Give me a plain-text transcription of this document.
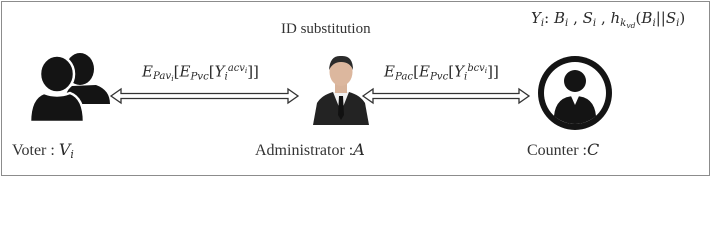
ID substitution
$Y_i$: $B_i$ , $S_i$ , $h_{kvd}(B_i||S_i)$
$E_{Pavi}[E_{Pvc}[Y_i^{acvi}]]$	$E_{Pac}[E_{Pvc}[Y_i^{bcvi}]]$
Voter : $V_i$	Administrator :A	Counter :C
